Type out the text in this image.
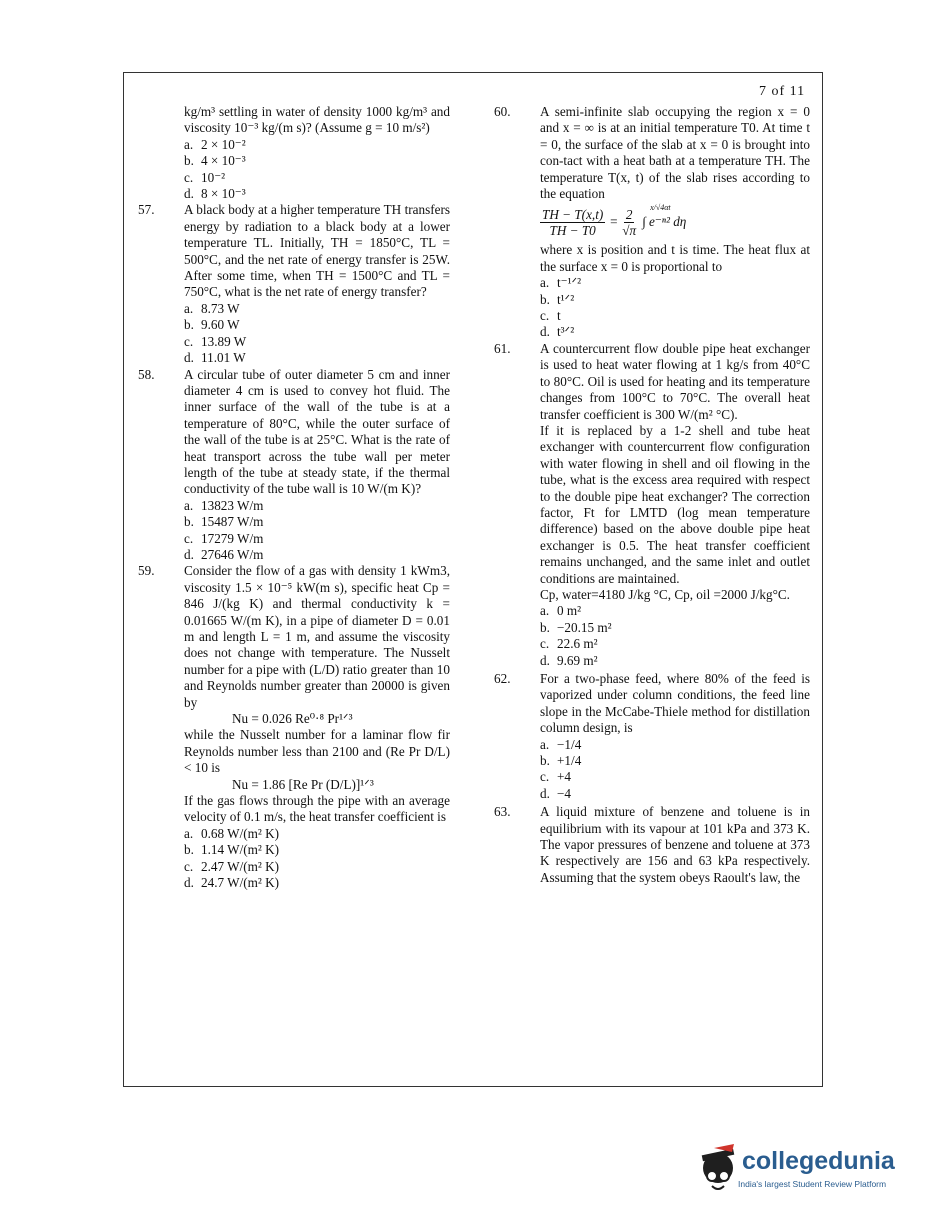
7 of 11
kg/m³ settling in water of density 1000 kg/m³ and viscosity 10⁻³ kg/(m s)? (Assume g = 10 m/s²)
a. 2 × 10⁻²
b. 4 × 10⁻³
c. 10⁻²
d. 8 × 10⁻³
57. A black body at a higher temperature TH transfers energy by radiation to a black body at a lower temperature TL. Initially, TH = 1850°C, TL = 500°C, and the net rate of energy transfer is 25W. After some time, when TH = 1500°C and TL = 750°C, what is the net rate of energy transfer?
a. 8.73 W
b. 9.60 W
c. 13.89 W
d. 11.01 W
58. A circular tube of outer diameter 5 cm and inner diameter 4 cm is used to convey hot fluid. The inner surface of the wall of the tube is at a temperature of 80°C, while the outer surface of the wall of the tube is at 25°C. What is the rate of heat transport across the tube wall per meter length of the tube at steady state, if the thermal conductivity of the tube wall is 10 W/(m K)?
a. 13823 W/m
b. 15487 W/m
c. 17279 W/m
d. 27646 W/m
59. Consider the flow of a gas with density 1 kWm3, viscosity 1.5 × 10⁻⁵ kW(m s), specific heat Cp = 846 J/(kg K) and thermal conductivity k = 0.01665 W/(m K), in a pipe of diameter D = 0.01 m and length L = 1 m, and assume the viscosity does not change with temperature. The Nusselt number for a pipe with (L/D) ratio greater than 10 and Reynolds number greater than 20000 is given by
Nu = 0.026 Re⁰·⁸ Pr¹ᐟ³
while the Nusselt number for a laminar flow fir Reynolds number less than 2100 and (Re Pr D/L) < 10 is
Nu = 1.86 [Re Pr (D/L)]¹ᐟ³
If the gas flows through the pipe with an average velocity of 0.1 m/s, the heat transfer coefficient is
a. 0.68 W/(m² K)
b. 1.14 W/(m² K)
c. 2.47 W/(m² K)
d. 24.7 W/(m² K)
60. A semi-infinite slab occupying the region x = 0 and x = ∞ is at an initial temperature T0. At time t = 0, the surface of the slab at x = 0 is brought into con-tact with a heat bath at a temperature TH. The temperature T(x, t) of the slab rises according to the equation
$\frac{TH - T(x,t)}{TH - T0} = \frac{2}{√\pi} x/√4\alpha t$
∫ e⁻ⁿ² dη
where x is position and t is time. The heat flux at the surface x = 0 is proportional to
a. t⁻¹ᐟ²
b. t¹ᐟ²
c. t
d. t³ᐟ²
61. A countercurrent flow double pipe heat exchanger is used to heat water flowing at 1 kg/s from 40°C to 80°C. Oil is used for heating and its temperature changes from 100°C to 70°C. The overall heat transfer coefficient is 300 W/(m² °C).
If it is replaced by a 1-2 shell and tube heat exchanger with countercurrent flow configuration with water flowing in shell and oil flowing in the tube, what is the excess area required with respect to the double pipe heat exchanger? The correction factor, Ft for LMTD (log mean temperature difference) based on the above double pipe heat exchanger is 0.5. The heat transfer coefficient remains unchanged, and the same inlet and outlet conditions are maintained.
Cp, water=4180 J/kg °C, Cp, oil =2000 J/kg°C.
a. 0 m²
b. −20.15 m²
c. 22.6 m²
d. 9.69 m²
62. For a two-phase feed, where 80% of the feed is vaporized under column conditions, the feed line slope in the McCabe-Thiele method for distillation column design, is
a. −1/4
b. +1/4
c. +4
d. −4
63. A liquid mixture of benzene and toluene is in equilibrium with its vapour at 101 kPa and 373 K. The vapor pressures of benzene and toluene at 373 K respectively are 156 and 63 kPa respectively. Assuming that the system obeys Raoult's law, the
collegedunia
India's largest Student Review Platform
